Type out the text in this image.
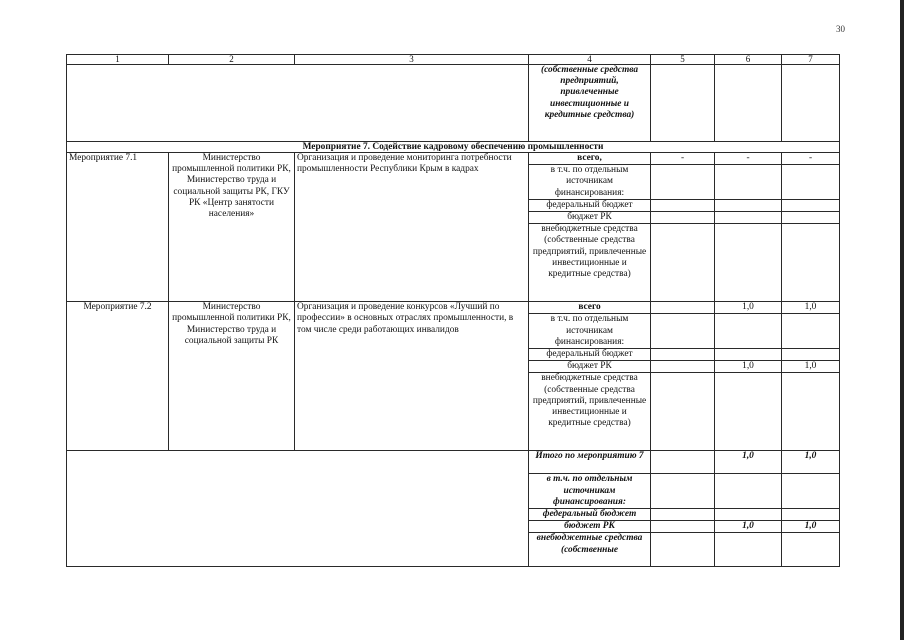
30
1	2	3	4	5	6	7
			(собственные средства предприятий, привлеченные инвестиционные и кредитные средства)			
Мероприятие 7. Содействие кадровому обеспечению промышленности						
Мероприятие 7.1	Министерство промышленной политики РК, Министерство труда и социальной защиты РК, ГКУ РК «Центр занятости населения»	Организация и проведение мониторинга потребности промышленности Республики Крым в кадрах	всего,	-	-	-
			в т.ч. по отдельным источникам финансирования:			
			федеральный бюджет			
			бюджет РК			
			внебюджетные средства (собственные средства предприятий, привлеченные инвестиционные и кредитные средства)			
Мероприятие 7.2	Министерство промышленной политики РК, Министерство труда и социальной защиты РК	Организация и проведение конкурсов «Лучший по профессии» в основных отраслях промышленности, в том числе среди работающих инвалидов	всего		1,0	1,0
			в т.ч. по отдельным источникам финансирования:			
			федеральный бюджет			
			бюджет РК		1,0	1,0
			внебюджетные средства (собственные средства предприятий, привлеченные инвестиционные и кредитные средства)			
			Итого по мероприятию 7		1,0	1,0
			в т.ч. по отдельным источникам финансирования:			
			федеральный бюджет			
			бюджет РК		1,0	1,0
			внебюджетные средства (собственные			
